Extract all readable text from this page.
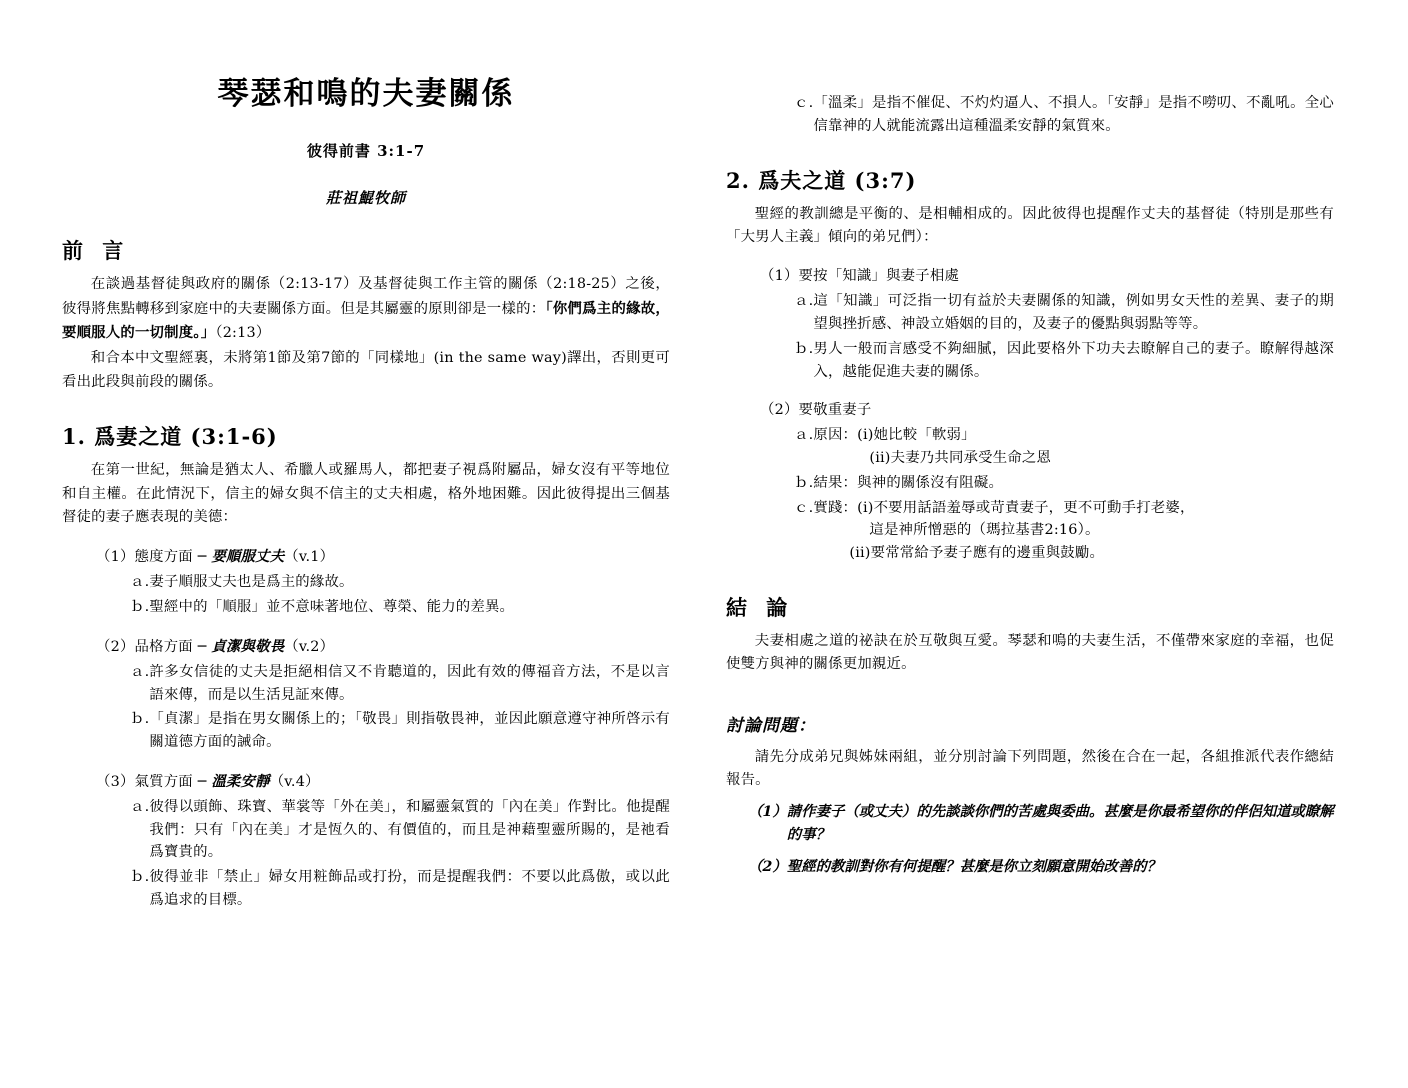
琴瑟和鳴的夫妻關係
彼得前書 3:1-7
莊祖鯤牧師
前 言

在談過基督徒與政府的關係（2:13-17）及基督徒與工作主管的關係（2:18-25）之後，彼得將焦點轉移到家庭中的夫妻關係方面。但是其屬靈的原則卻是一樣的：「你們爲主的緣故，要順服人的一切制度。」（2:13）

和合本中文聖經裏，未將第1節及第7節的「同樣地」(in the same way)譯出，否則更可看出此段與前段的關係。

1. 爲妻之道 (3:1-6)

在第一世紀，無論是猶太人、希臘人或羅馬人，都把妻子視爲附屬品，婦女沒有平等地位和自主權。在此情況下，信主的婦女與不信主的丈夫相處，格外地困難。因此彼得提出三個基督徒的妻子應表現的美德：

（1）態度方面 ─ 要順服丈夫（v.1）
ａ. 妻子順服丈夫也是爲主的緣故。
ｂ. 聖經中的「順服」並不意味著地位、尊榮、能力的差異。
（2）品格方面 ─ 貞潔與敬畏（v.2）
ａ. 許多女信徒的丈夫是拒絕相信又不肯聽道的，因此有效的傳福音方法，不是以言語來傳，而是以生活見証來傳。
ｂ. 「貞潔」是指在男女關係上的；「敬畏」則指敬畏神，並因此願意遵守神所啓示有關道德方面的誡命。
（3）氣質方面 ─ 溫柔安靜（v.4）
ａ. 彼得以頭飾、珠寶、華裳等「外在美」，和屬靈氣質的「內在美」作對比。他提醒我們：只有「內在美」才是恆久的、有價值的，而且是神藉聖靈所賜的，是祂看爲寶貴的。
ｂ. 彼得並非「禁止」婦女用粧飾品或打扮，而是提醒我們：不要以此爲傲，或以此爲追求的目標。
ｃ. 「溫柔」是指不催促、不灼灼逼人、不損人。「安靜」是指不嘮叨、不亂吼。全心信靠神的人就能流露出這種溫柔安靜的氣質來。
2. 爲夫之道 (3:7)

聖經的教訓總是平衡的、是相輔相成的。因此彼得也提醒作丈夫的基督徒（特別是那些有「大男人主義」傾向的弟兄們）：

（1）要按「知識」與妻子相處
ａ. 這「知識」可泛指一切有益於夫妻關係的知識，例如男女天性的差異、妻子的期望與挫折感、神設立婚姻的目的，及妻子的優點與弱點等等。
ｂ. 男人一般而言感受不夠細膩，因此要格外下功夫去瞭解自己的妻子。瞭解得越深入，越能促進夫妻的關係。
（2）要敬重妻子
ａ. 原因：(i)她比較「軟弱」
(ii)夫妻乃共同承受生命之恩
ｂ. 結果：與神的關係沒有阻礙。
ｃ. 實踐：(i)不要用話語羞辱或苛責妻子，更不可動手打老婆，
這是神所憎惡的（瑪拉基書2:16）。
(ii)要常常給予妻子應有的邊重與鼓勵。
結 論

夫妻相處之道的祕訣在於互敬與互愛。琴瑟和鳴的夫妻生活，不僅帶來家庭的幸福，也促使雙方與神的關係更加親近。

討論問題：

請先分成弟兄與姊妹兩組，並分別討論下列問題，然後在合在一起，各組推派代表作總結報告。

（1） 請作妻子（或丈夫）的先談談你們的苦處與委曲。甚麼是你最希望你的伴侶知道或瞭解的事？
（2） 聖經的教訓對你有何提醒？甚麼是你立刻願意開始改善的？
